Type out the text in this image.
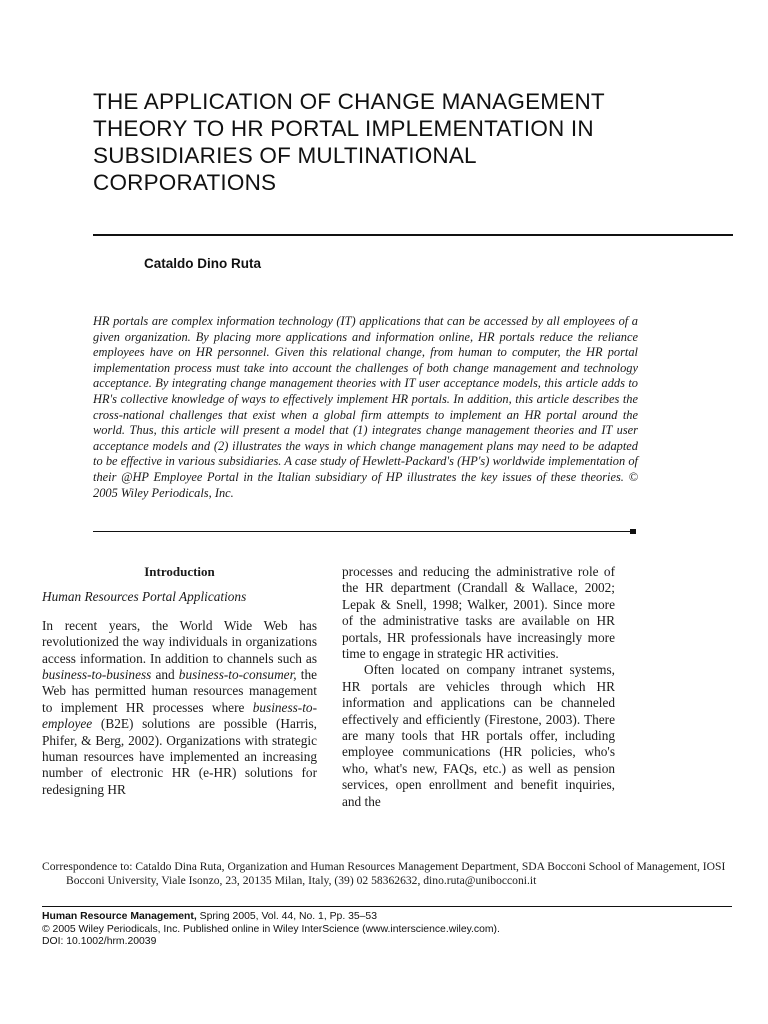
THE APPLICATION OF CHANGE MANAGEMENT
THEORY TO HR PORTAL IMPLEMENTATION IN
SUBSIDIARIES OF MULTINATIONAL
CORPORATIONS
Cataldo Dino Ruta
HR portals are complex information technology (IT) applications that can be accessed by all employees of a given organization. By placing more applications and information online, HR portals reduce the reliance employees have on HR personnel. Given this relational change, from human to computer, the HR portal implementation process must take into account the challenges of both change management and technology acceptance. By integrating change management theories with IT user acceptance models, this article adds to HR's collective knowledge of ways to effectively implement HR portals. In addition, this article describes the cross-national challenges that exist when a global firm attempts to implement an HR portal around the world. Thus, this article will present a model that (1) integrates change management theories and IT user acceptance models and (2) illustrates the ways in which change management plans may need to be adapted to be effective in various subsidiaries. A case study of Hewlett-Packard's (HP's) worldwide implementation of their @HP Employee Portal in the Italian subsidiary of HP illustrates the key issues of these theories. © 2005 Wiley Periodicals, Inc.
Introduction
Human Resources Portal Applications

In recent years, the World Wide Web has revolutionized the way individuals in organizations access information. In addition to channels such as business-to-business and business-to-consumer, the Web has permitted human resources management to implement HR processes where business-to-employee (B2E) solutions are possible (Harris, Phifer, & Berg, 2002). Organizations with strategic human resources have implemented an increasing number of electronic HR (e-HR) solutions for redesigning HR

processes and reducing the administrative role of the HR department (Crandall & Wallace, 2002; Lepak & Snell, 1998; Walker, 2001). Since more of the administrative tasks are available on HR portals, HR professionals have increasingly more time to engage in strategic HR activities.

Often located on company intranet systems, HR portals are vehicles through which HR information and applications can be channeled effectively and efficiently (Firestone, 2003). There are many tools that HR portals offer, including employee communications (HR policies, who's who, what's new, FAQs, etc.) as well as pension services, open enrollment and benefit inquiries, and the

Correspondence to: Cataldo Dina Ruta, Organization and Human Resources Management Department, SDA Bocconi School of Management, IOSI Bocconi University, Viale Isonzo, 23, 20135 Milan, Italy, (39) 02 58362632, dino.ruta@unibocconi.it
Human Resource Management, Spring 2005, Vol. 44, No. 1, Pp. 35–53
© 2005 Wiley Periodicals, Inc. Published online in Wiley InterScience (www.interscience.wiley.com).
DOI: 10.1002/hrm.20039
